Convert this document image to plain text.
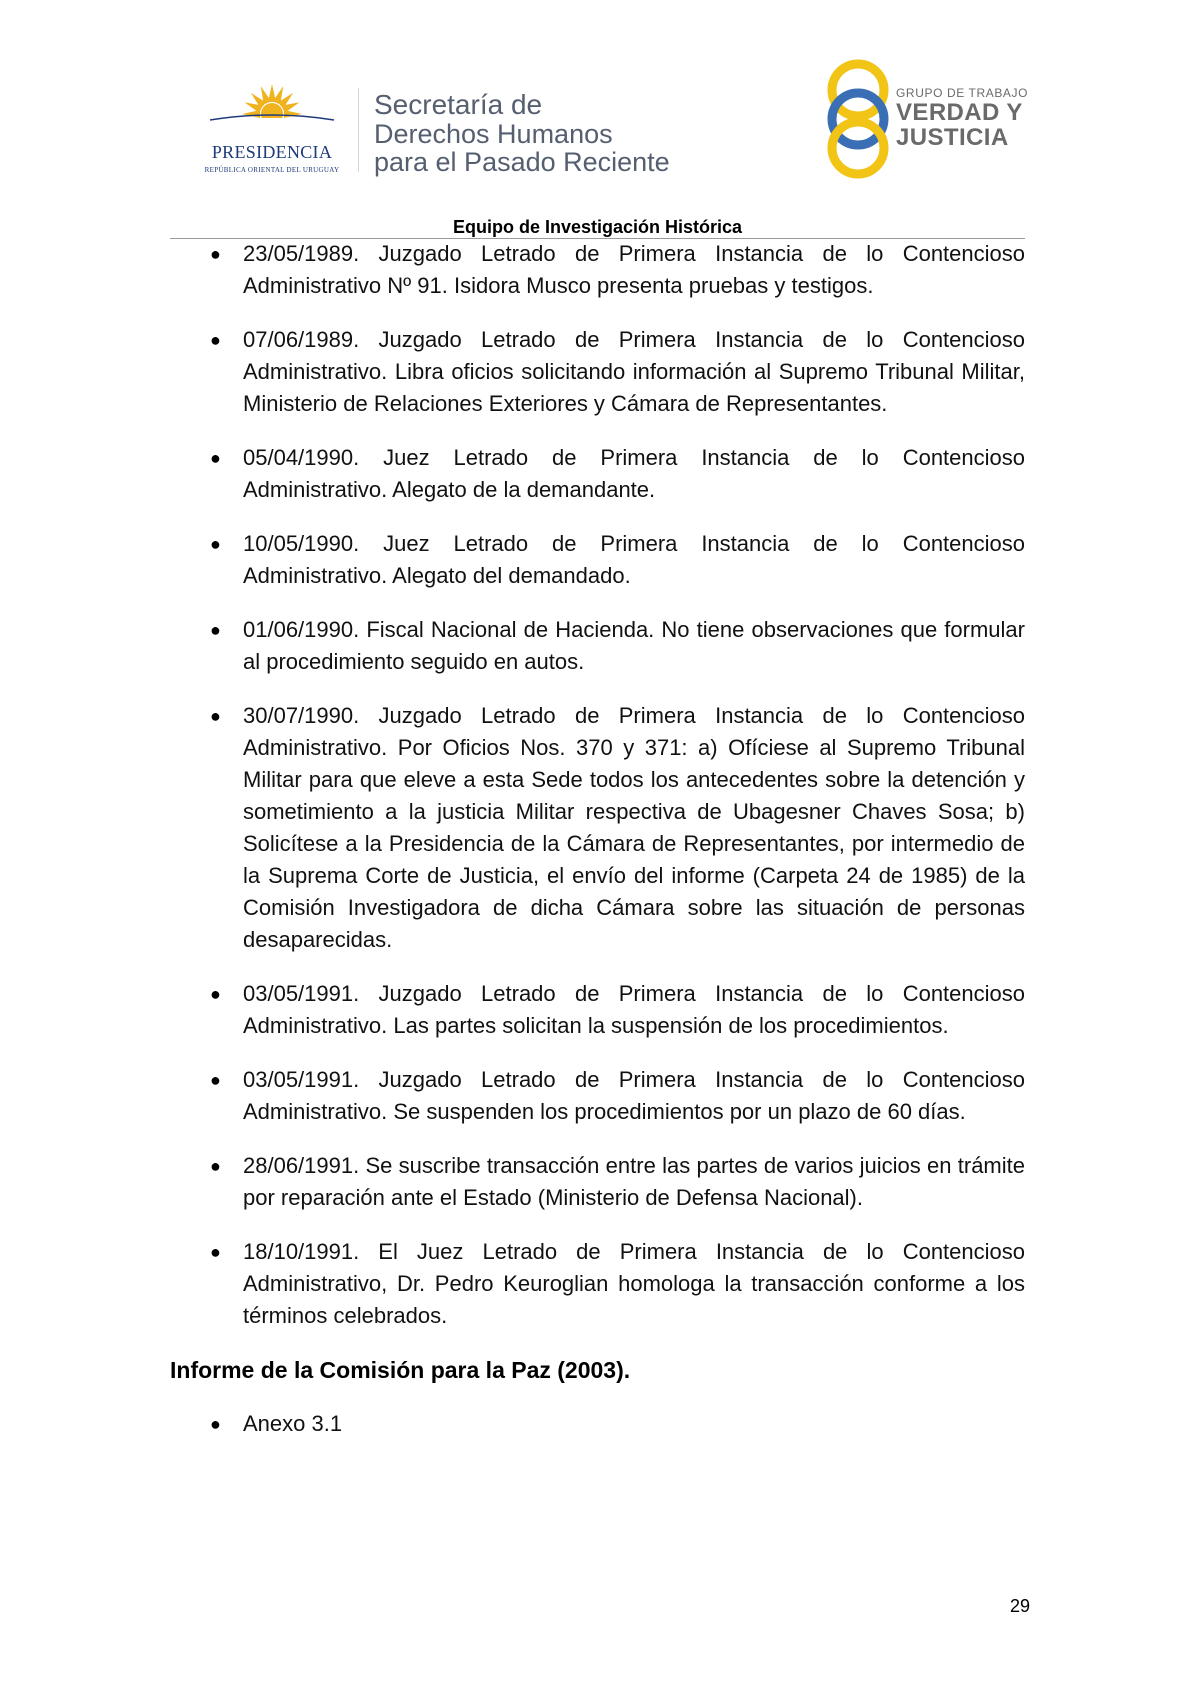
PRESIDENCIA
REPÚBLICA ORIENTAL DEL URUGUAY
Secretaría de
Derechos Humanos
para el Pasado Reciente
GRUPO DE TRABAJO
VERDAD Y
JUSTICIA
Equipo de Investigación Histórica
● 23/05/1989. Juzgado Letrado de Primera Instancia de lo Contencioso Administrativo Nº 91. Isidora Musco presenta pruebas y testigos.
● 07/06/1989. Juzgado Letrado de Primera Instancia de lo Contencioso Administrativo. Libra oficios solicitando información al Supremo Tribunal Militar, Ministerio de Relaciones Exteriores y Cámara de Representantes.
● 05/04/1990. Juez Letrado de Primera Instancia de lo Contencioso Administrativo. Alegato de la demandante.
● 10/05/1990. Juez Letrado de Primera Instancia de lo Contencioso Administrativo. Alegato del demandado.
● 01/06/1990. Fiscal Nacional de Hacienda. No tiene observaciones que formular al procedimiento seguido en autos.
● 30/07/1990. Juzgado Letrado de Primera Instancia de lo Contencioso Administrativo. Por Oficios Nos. 370 y 371: a) Ofíciese al Supremo Tribunal Militar para que eleve a esta Sede todos los antecedentes sobre la detención y sometimiento a la justicia Militar respectiva de Ubagesner Chaves Sosa; b) Solicítese a la Presidencia de la Cámara de Representantes, por intermedio de la Suprema Corte de Justicia, el envío del informe (Carpeta 24 de 1985) de la Comisión Investigadora de dicha Cámara sobre las situación de personas desaparecidas.
● 03/05/1991. Juzgado Letrado de Primera Instancia de lo Contencioso Administrativo. Las partes solicitan la suspensión de los procedimientos.
● 03/05/1991. Juzgado Letrado de Primera Instancia de lo Contencioso Administrativo. Se suspenden los procedimientos por un plazo de 60 días.
● 28/06/1991. Se suscribe transacción entre las partes de varios juicios en trámite por reparación ante el Estado (Ministerio de Defensa Nacional).
● 18/10/1991. El Juez Letrado de Primera Instancia de lo Contencioso Administrativo, Dr. Pedro Keuroglian homologa la transacción conforme a los términos celebrados.
Informe de la Comisión para la Paz (2003).
● Anexo 3.1
29
